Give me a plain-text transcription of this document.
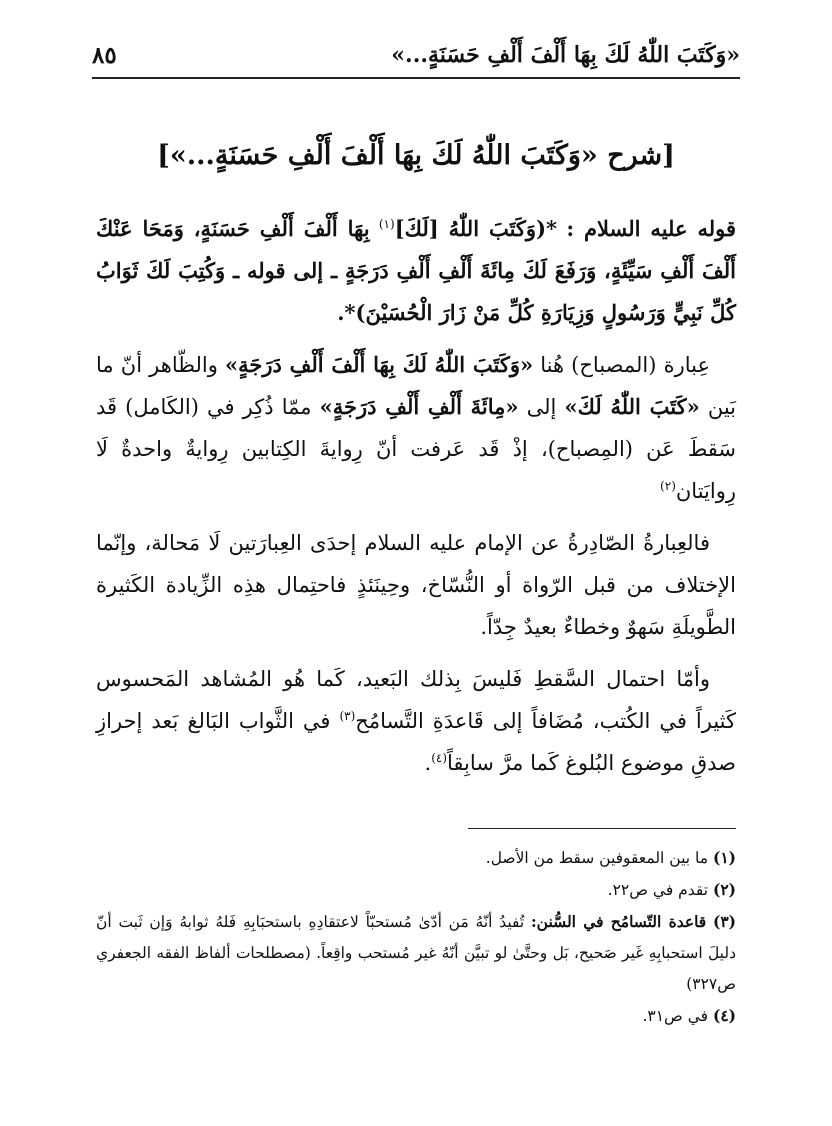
٨٥	«وَكَتَبَ اللّٰهُ لَكَ بِهَا أَلْفَ أَلْفِ حَسَنَةٍ...»
[شرح «وَكَتَبَ اللّٰهُ لَكَ بِهَا أَلْفَ أَلْفِ حَسَنَةٍ...»]

قوله عليه السلام : *(وَكَتَبَ اللّٰهُ [لَكَ]$^{(١)}$ بِهَا أَلْفَ أَلْفِ حَسَنَةٍ، وَمَحَا عَنْكَ أَلْفَ أَلْفِ سَيِّئَةٍ، وَرَفَعَ لَكَ مِائَةَ أَلْفِ أَلْفِ دَرَجَةٍ ـ إلى قوله ـ وَكُتِبَ لَكَ ثَوَابُ كُلِّ نَبِيٍّ وَرَسُولٍ وَزِيَارَةِ كُلِّ مَنْ زَارَ الْحُسَيْنَ)*.

عِبارة (المصباح) هُنا «وَكَتَبَ اللّٰهُ لَكَ بِهَا أَلْفَ أَلْفِ دَرَجَةٍ» والظّاهر أنّ ما بَين «كَتَبَ اللّٰهُ لَكَ» إلى «مِائَةَ أَلْفِ أَلْفِ دَرَجَةٍ» ممّا ذُكِر في (الكَامل) قَد سَقطَ عَن (المِصباح)، إذْ قَد عَرفت أنّ رِوايةَ الكِتابين رِوايةٌ واحدةٌ لَا رِوايَتان$^{(٢)}$

فالعِبارةُ الصّادِرةُ عن الإمام عليه السلام إحدَى العِبارَتين لَا مَحالة، وإنّما الإختلاف من قبل الرّواة أو النُّسّاخ، وحِينَئذٍ فاحتِمال هذِه الزِّيادة الكَثيرة الطَّويلَةِ سَهوٌ وخطاءٌ بعيدٌ جِدّاً.

وأمّا احتمال السَّقطِ فَليسَ بِذلك البَعيد، كَما هُو المُشاهد المَحسوس كَثيراً في الكُتب، مُضَافاً إلى قَاعدَةِ التَّسامُح$^{(٣)}$ في الثَّواب البَالغ بَعد إحرازِ صدقِ موضوع البُلوغ كَما مرَّ سابِقاً$^{(٤)}$.

(١) ما بين المعقوفين سقط من الأصل.

(٢) تقدم في ص٢٢.

(٣) قاعدة التّسامُح في السُّنن: تُفيدُ أنّهُ مَن أدّىٰ مُستحبّاً لاعتقادِهِ باستحبَابِهِ فَلهُ ثوابهُ وَإن ثَبت أنّ دليلَ استحبابِهِ غَير صَحيح، بَل وحتَّىٰ لو تبيَّن أنّهُ غير مُستحب واقِعاً. (مصطلحات ألفاظ الفقه الجعفري ص٣٢٧)

(٤) في ص٣١.
